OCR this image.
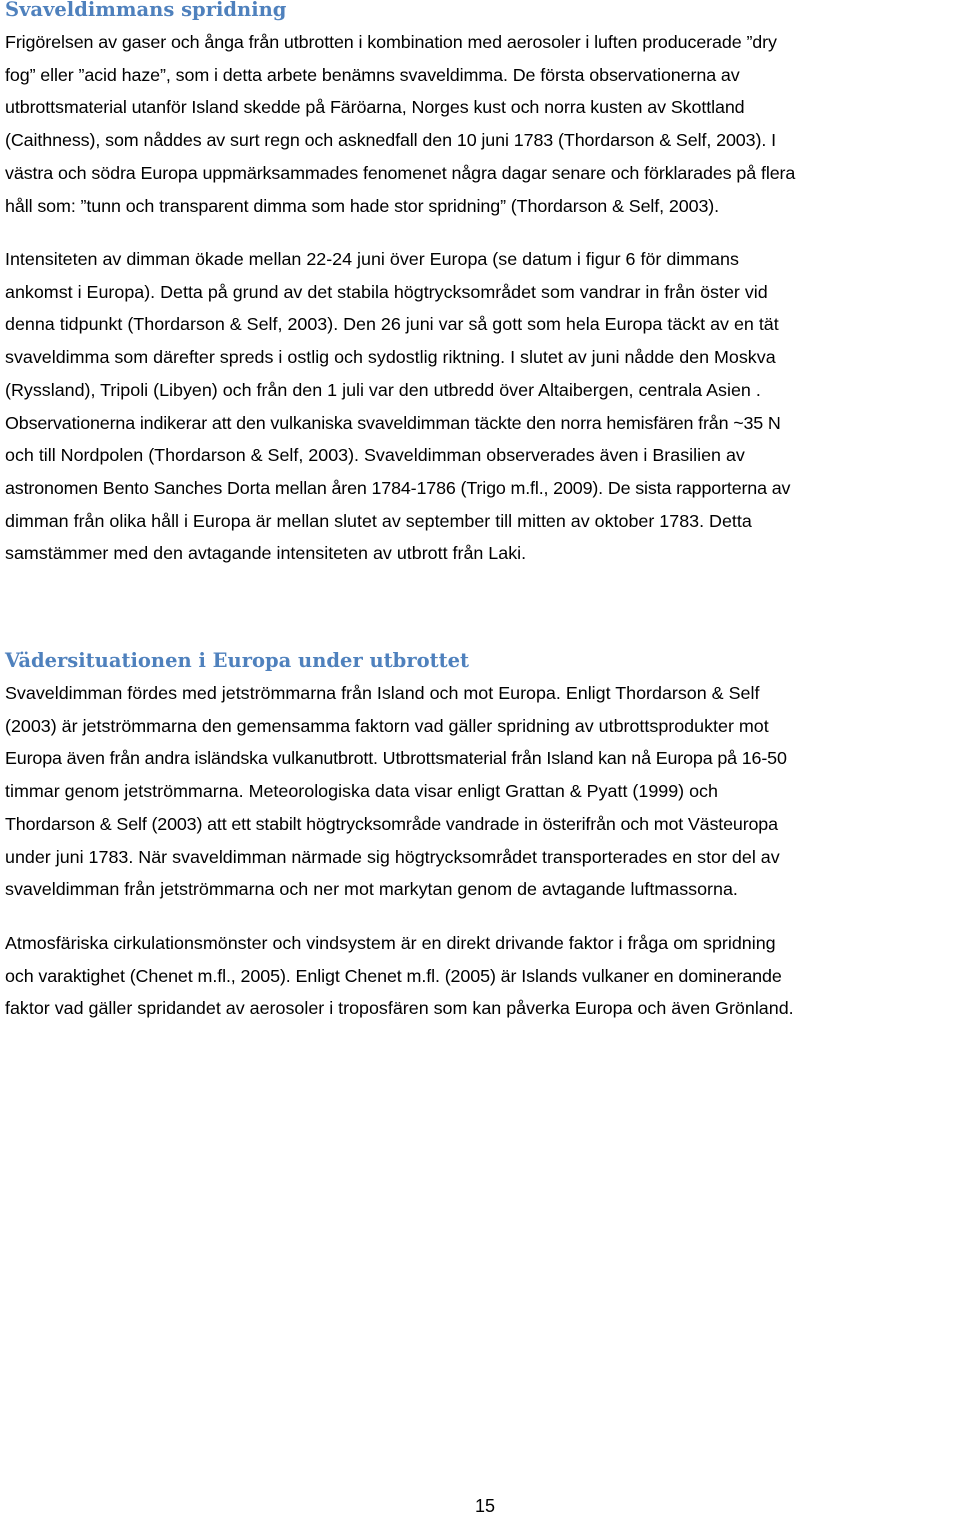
Svaveldimmans spridning

Frigörelsen av gaser och ånga från utbrotten i kombination med aerosoler i luften producerade ”dry
fog” eller ”acid haze”, som i detta arbete benämns svaveldimma. De första observationerna av
utbrottsmaterial utanför Island skedde på Färöarna, Norges kust och norra kusten av Skottland
(Caithness), som nåddes av surt regn och asknedfall den 10 juni 1783 (Thordarson & Self, 2003). I
västra och södra Europa uppmärksammades fenomenet några dagar senare och förklarades på flera
håll som: ”tunn och transparent dimma som hade stor spridning” (Thordarson & Self, 2003).

Intensiteten av dimman ökade mellan 22-24 juni över Europa (se datum i figur 6 för dimmans
ankomst i Europa). Detta på grund av det stabila högtrycksområdet som vandrar in från öster vid
denna tidpunkt (Thordarson & Self, 2003). Den 26 juni var så gott som hela Europa täckt av en tät
svaveldimma som därefter spreds i ostlig och sydostlig riktning. I slutet av juni nådde den Moskva
(Ryssland), Tripoli (Libyen) och från den 1 juli var den utbredd över Altaibergen, centrala Asien .
Observationerna indikerar att den vulkaniska svaveldimman täckte den norra hemisfären från ~35 N
och till Nordpolen (Thordarson & Self, 2003). Svaveldimman observerades även i Brasilien av
astronomen Bento Sanches Dorta mellan åren 1784-1786 (Trigo m.fl., 2009). De sista rapporterna av
dimman från olika håll i Europa är mellan slutet av september till mitten av oktober 1783. Detta
samstämmer med den avtagande intensiteten av utbrott från Laki.

Vädersituationen i Europa under utbrottet

Svaveldimman fördes med jetströmmarna från Island och mot Europa. Enligt Thordarson & Self
(2003) är jetströmmarna den gemensamma faktorn vad gäller spridning av utbrottsprodukter mot
Europa även från andra isländska vulkanutbrott. Utbrottsmaterial från Island kan nå Europa på 16-50
timmar genom jetströmmarna. Meteorologiska data visar enligt Grattan & Pyatt (1999) och
Thordarson & Self (2003) att ett stabilt högtrycksområde vandrade in österifrån och mot Västeuropa
under juni 1783. När svaveldimman närmade sig högtrycksområdet transporterades en stor del av
svaveldimman från jetströmmarna och ner mot markytan genom de avtagande luftmassorna.

Atmosfäriska cirkulationsmönster och vindsystem är en direkt drivande faktor i fråga om spridning
och varaktighet (Chenet m.fl., 2005). Enligt Chenet m.fl. (2005) är Islands vulkaner en dominerande
faktor vad gäller spridandet av aerosoler i troposfären som kan påverka Europa och även Grönland.

15
